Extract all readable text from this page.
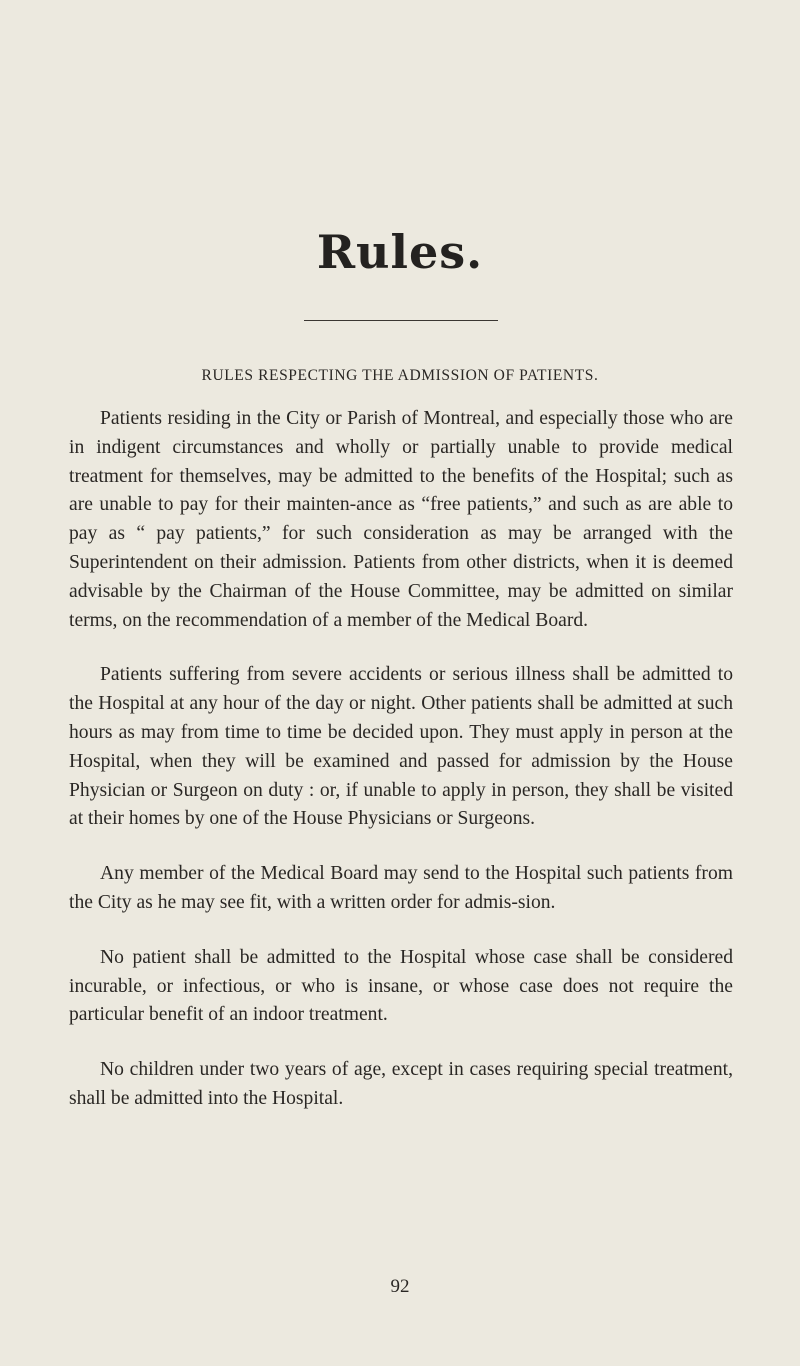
Rules.
RULES RESPECTING THE ADMISSION OF PATIENTS.

Patients residing in the City or Parish of Montreal, and especially those who are in indigent circumstances and wholly or partially unable to provide medical treatment for themselves, may be admitted to the benefits of the Hospital; such as are unable to pay for their mainten-ance as “free patients,” and such as are able to pay as “ pay patients,” for such consideration as may be arranged with the Superintendent on their admission. Patients from other districts, when it is deemed advisable by the Chairman of the House Committee, may be admitted on similar terms, on the recommendation of a member of the Medical Board.

Patients suffering from severe accidents or serious illness shall be admitted to the Hospital at any hour of the day or night. Other patients shall be admitted at such hours as may from time to time be decided upon. They must apply in person at the Hospital, when they will be examined and passed for admission by the House Physician or Surgeon on duty : or, if unable to apply in person, they shall be visited at their homes by one of the House Physicians or Surgeons.

Any member of the Medical Board may send to the Hospital such patients from the City as he may see fit, with a written order for admis-sion.

No patient shall be admitted to the Hospital whose case shall be considered incurable, or infectious, or who is insane, or whose case does not require the particular benefit of an indoor treatment.

No children under two years of age, except in cases requiring special treatment, shall be admitted into the Hospital.

92
